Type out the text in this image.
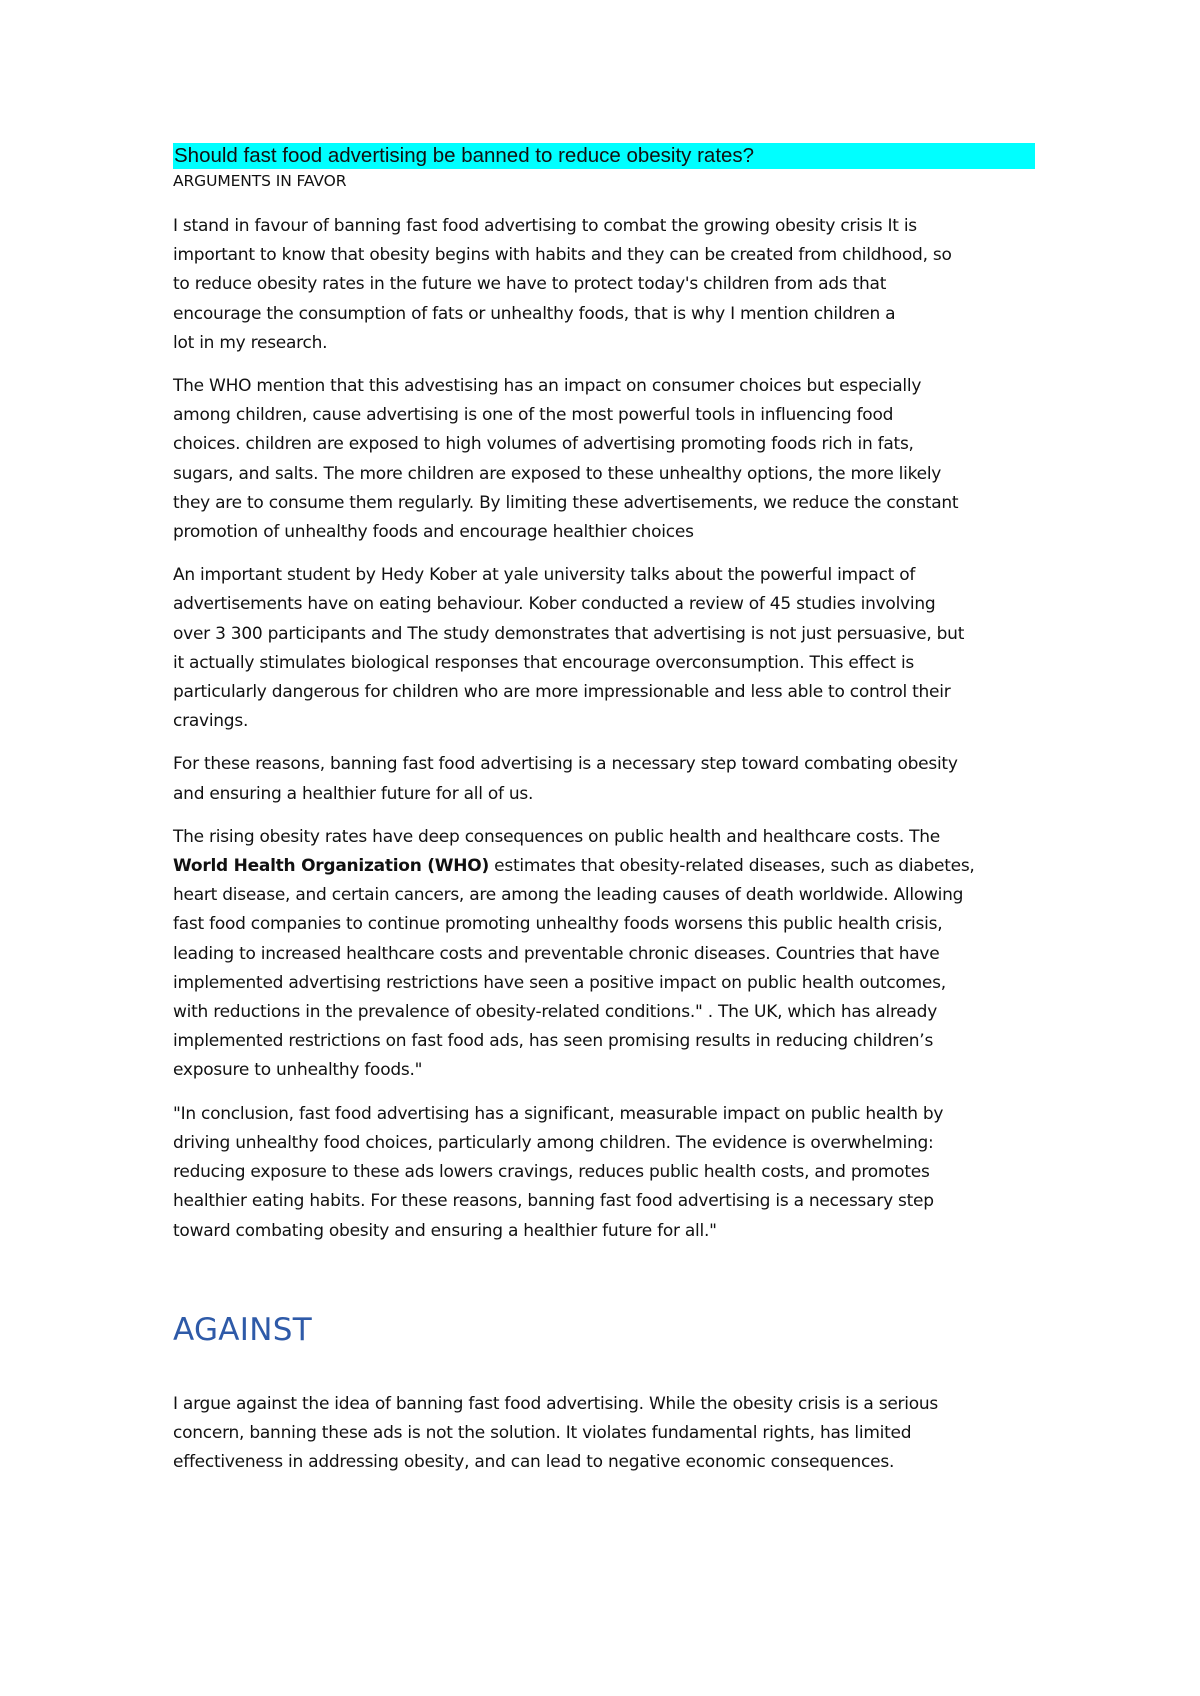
Should fast food advertising be banned to reduce obesity rates?
ARGUMENTS IN FAVOR
I stand in favour of banning fast food advertising to combat the growing obesity crisis It is
important to know that obesity begins with habits and they can be created from childhood, so
to reduce obesity rates in the future we have to protect today's children from ads that
encourage the consumption of fats or unhealthy foods, that is why I mention children a
lot in my research.
The WHO mention that this advestising has an impact on consumer choices but especially
among children, cause advertising is one of the most powerful tools in influencing food
choices. children are exposed to high volumes of advertising promoting foods rich in fats,
sugars, and salts. The more children are exposed to these unhealthy options, the more likely
they are to consume them regularly. By limiting these advertisements, we reduce the constant
promotion of unhealthy foods and encourage healthier choices
An important student by Hedy Kober at yale university talks about the powerful impact of
advertisements have on eating behaviour. Kober conducted a review of 45 studies involving
over 3 300 participants and The study demonstrates that advertising is not just persuasive, but
it actually stimulates biological responses that encourage overconsumption. This effect is
particularly dangerous for children who are more impressionable and less able to control their
cravings.
For these reasons, banning fast food advertising is a necessary step toward combating obesity
and ensuring a healthier future for all of us.
The rising obesity rates have deep consequences on public health and healthcare costs. The
World Health Organization (WHO) estimates that obesity-related diseases, such as diabetes,
heart disease, and certain cancers, are among the leading causes of death worldwide. Allowing
fast food companies to continue promoting unhealthy foods worsens this public health crisis,
leading to increased healthcare costs and preventable chronic diseases. Countries that have
implemented advertising restrictions have seen a positive impact on public health outcomes,
with reductions in the prevalence of obesity-related conditions." . The UK, which has already
implemented restrictions on fast food ads, has seen promising results in reducing children’s
exposure to unhealthy foods."
"In conclusion, fast food advertising has a significant, measurable impact on public health by
driving unhealthy food choices, particularly among children. The evidence is overwhelming:
reducing exposure to these ads lowers cravings, reduces public health costs, and promotes
healthier eating habits. For these reasons, banning fast food advertising is a necessary step
toward combating obesity and ensuring a healthier future for all."
AGAINST
I argue against the idea of banning fast food advertising. While the obesity crisis is a serious
concern, banning these ads is not the solution. It violates fundamental rights, has limited
effectiveness in addressing obesity, and can lead to negative economic consequences.
